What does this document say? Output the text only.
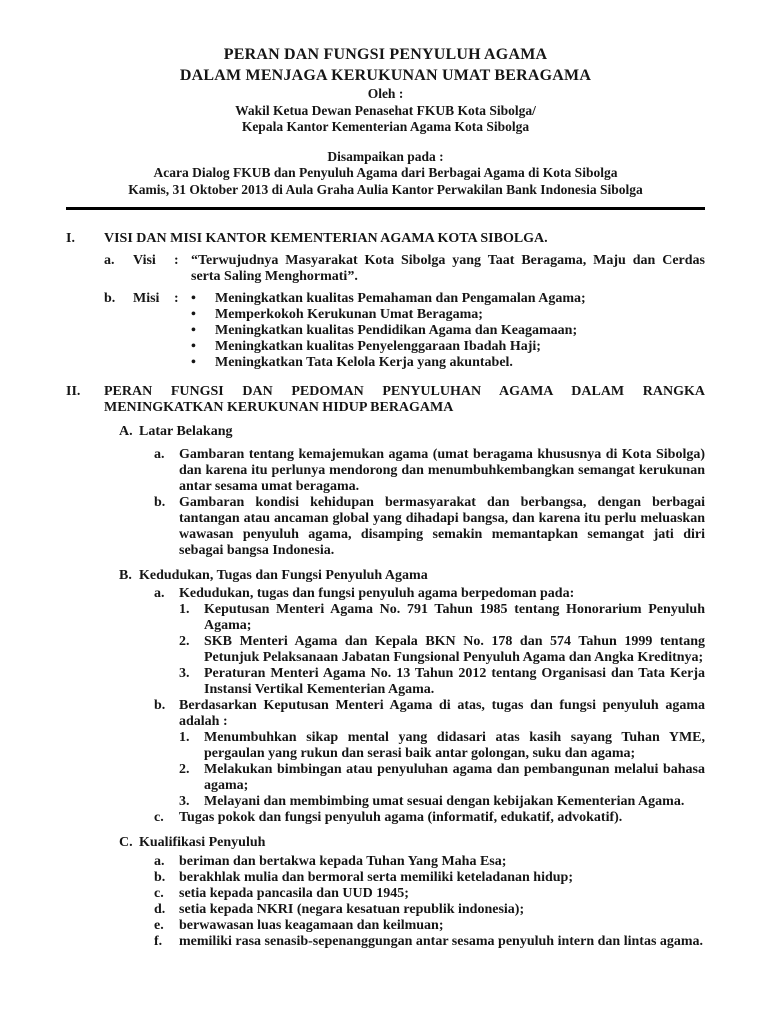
PERAN DAN FUNGSI PENYULUH AGAMA
DALAM MENJAGA KERUKUNAN UMAT BERAGAMA
Oleh :
Wakil Ketua Dewan Penasehat FKUB Kota Sibolga/
Kepala Kantor Kementerian Agama Kota Sibolga
Disampaikan pada :
Acara Dialog FKUB dan Penyuluh Agama dari Berbagai Agama di Kota Sibolga
Kamis, 31 Oktober 2013 di Aula Graha Aulia Kantor Perwakilan Bank Indonesia Sibolga
I.	VISI DAN MISI KANTOR KEMENTERIAN AGAMA KOTA SIBOLGA.
a.	Visi	: “Terwujudnya Masyarakat Kota Sibolga yang Taat Beragama, Maju dan Cerdas serta Saling Menghormati”.
b.	Misi	: •	Meningkatkan kualitas Pemahaman dan Pengamalan Agama;
•	Memperkokoh Kerukunan Umat Beragama;
•	Meningkatkan kualitas Pendidikan Agama dan Keagamaan;
•	Meningkatkan kualitas Penyelenggaraan Ibadah Haji;
•	Meningkatkan Tata Kelola Kerja yang akuntabel.
II.	PERAN FUNGSI DAN PEDOMAN PENYULUHAN AGAMA DALAM RANGKA MENINGKATKAN KERUKUNAN HIDUP BERAGAMA
A. Latar Belakang
a.	Gambaran tentang kemajemukan agama (umat beragama khususnya di Kota Sibolga) dan karena itu perlunya mendorong dan menumbuhkembangkan semangat kerukunan antar sesama umat beragama.
b. Gambaran kondisi kehidupan bermasyarakat dan berbangsa, dengan berbagai tantangan atau ancaman global yang dihadapi bangsa, dan karena itu perlu meluaskan wawasan penyuluh agama, disamping semakin memantapkan semangat jati diri sebagai bangsa Indonesia.
B. Kedudukan, Tugas dan Fungsi Penyuluh Agama
a.	Kedudukan, tugas dan fungsi penyuluh agama berpedoman pada:
1.	Keputusan Menteri Agama No. 791 Tahun 1985 tentang Honorarium Penyuluh Agama;
2.	SKB Menteri Agama dan Kepala BKN No. 178 dan 574 Tahun 1999 tentang Petunjuk Pelaksanaan Jabatan Fungsional Penyuluh Agama dan Angka Kreditnya;
3.	Peraturan Menteri Agama No. 13 Tahun 2012 tentang Organisasi dan Tata Kerja Instansi Vertikal Kementerian Agama.
b. Berdasarkan Keputusan Menteri Agama di atas, tugas dan fungsi penyuluh agama adalah :
1.	Menumbuhkan sikap mental yang didasari atas kasih sayang Tuhan YME, pergaulan yang rukun dan serasi baik antar golongan, suku dan agama;
2.	Melakukan bimbingan atau penyuluhan agama dan pembangunan melalui bahasa agama;
3.	Melayani dan membimbing umat sesuai dengan kebijakan Kementerian Agama.
c.	Tugas pokok dan fungsi penyuluh agama (informatif, edukatif, advokatif).
C. Kualifikasi Penyuluh
a.	beriman dan bertakwa kepada Tuhan Yang Maha Esa;
b. berakhlak mulia dan bermoral serta memiliki keteladanan hidup;
c.	setia kepada pancasila dan UUD 1945;
d. setia kepada NKRI (negara kesatuan republik indonesia);
e.	berwawasan luas keagamaan dan keilmuan;
f.	memiliki rasa senasib-sepenanggungan antar sesama penyuluh intern dan lintas agama.
